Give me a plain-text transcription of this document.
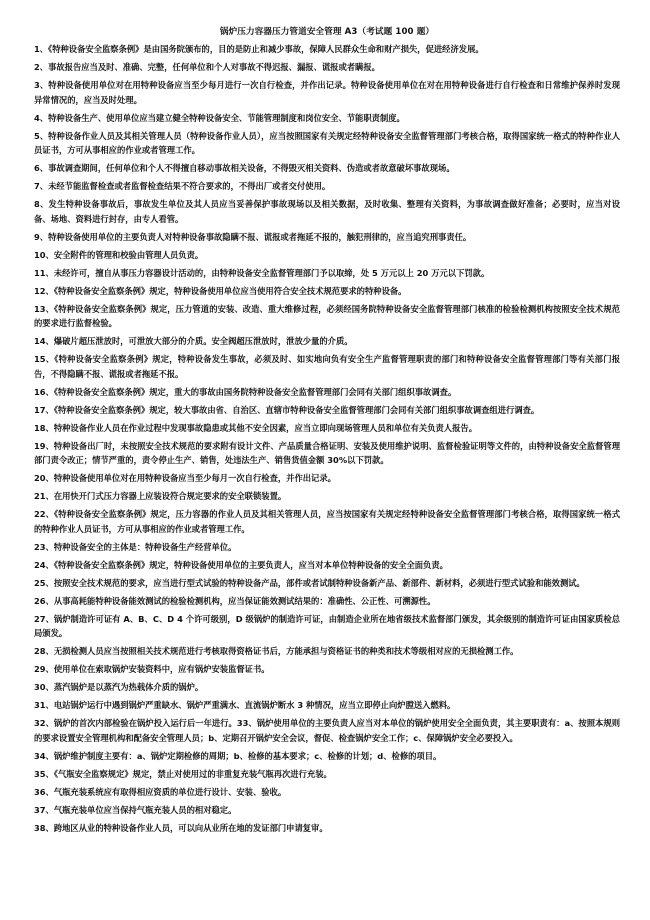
锅炉压力容器压力管道安全管理 A3（考试题 100 题）

1、《特种设备安全监察条例》是由国务院颁布的，目的是防止和减少事故，保障人民群众生命和财产损失，促进经济发展。

2、事故报告应当及时、准确、完整，任何单位和个人对事故不得迟报、漏报、谎报或者瞒报。

3、特种设备使用单位对在用特种设备应当至少每月进行一次自行检查，并作出记录。特种设备使用单位在对在用特种设备进行自行检查和日常维护保养时发现异常情况的，应当及时处理。

4、特种设备生产、使用单位应当建立健全特种设备安全、节能管理制度和岗位安全、节能职责制度。

5、特种设备作业人员及其相关管理人员（特种设备作业人员），应当按照国家有关规定经特种设备安全监督管理部门考核合格，取得国家统一格式的特种作业人员证书，方可从事相应的作业或者管理工作。

6、事故调查期间，任何单位和个人不得擅自移动事故相关设备，不得毁灭相关资料、伪造或者故意破坏事故现场。

7、未经节能监督检查或者监督检查结果不符合要求的，不得出厂或者交付使用。

8、发生特种设备事故后，事故发生单位及其人员应当妥善保护事故现场以及相关数据，及时收集、整理有关资料，为事故调查做好准备；必要时，应当对设备、场地、资料进行封存，由专人看管。

9、特种设备使用单位的主要负责人对特种设备事故隐瞒不报、谎报或者拖延不报的，触犯刑律的，应当追究刑事责任。

10、安全附件的管理和校验由管理人员负责。

11、未经许可，擅自从事压力容器设计活动的，由特种设备安全监督管理部门予以取缔，处 5 万元以上 20 万元以下罚款。

12、《特种设备安全监察条例》规定，特种设备使用单位应当使用符合安全技术规范要求的特种设备。

13、《特种设备安全监察条例》规定，压力管道的安装、改造、重大维修过程，必须经国务院特种设备安全监督管理部门核准的检验检测机构按照安全技术规范的要求进行监督检验。

14、爆破片超压泄放时，可泄放大部分的介质。安全阀超压泄放时，泄放少量的介质。

15、《特种设备安全监察条例》规定，特种设备发生事故，必须及时、如实地向负有安全生产监督管理职责的部门和特种设备安全监督管理部门等有关部门报告，不得隐瞒不报、谎报或者拖延不报。

16、《特种设备安全监察条例》规定，重大的事故由国务院特种设备安全监督管理部门会同有关部门组织事故调查。

17、《特种设备安全监察条例》规定，较大事故由省、自治区、直辖市特种设备安全监督管理部门会同有关部门组织事故调查组进行调查。

18、特种设备作业人员在作业过程中发现事故隐患或其他不安全因素，应当立即向现场管理人员和单位有关负责人报告。

19、特种设备出厂时，未按照安全技术规范的要求附有设计文件、产品质量合格证明、安装及使用维护说明、监督检验证明等文件的，由特种设备安全监督管理部门责令改正；情节严重的，责令停止生产、销售，处违法生产、销售货值金额 30%以下罚款。

20、特种设备使用单位对在用特种设备应当至少每月一次自行检查，并作出记录。

21、在用快开门式压力容器上应装设符合规定要求的安全联锁装置。

22、《特种设备安全监察条例》规定，压力容器的作业人员及其相关管理人员，应当按国家有关规定经特种设备安全监督管理部门考核合格，取得国家统一格式的特种作业人员证书，方可从事相应的作业或者管理工作。

23、特种设备安全的主体是：特种设备生产经营单位。

24、《特种设备安全监察条例》规定，特种设备使用单位的主要负责人，应当对本单位特种设备的安全全面负责。

25、按照安全技术规范的要求，应当进行型式试验的特种设备产品，部件或者试制特种设备新产品、新部件、新材料，必须进行型式试验和能效测试。

26、从事高耗能特种设备能效测试的检验检测机构，应当保证能效测试结果的：准确性、公正性、可溯源性。

27、锅炉制造许可证有 A、B、C、D 4 个许可级别，D 级锅炉的制造许可证，由制造企业所在地省级技术监督部门颁发，其余级别的制造许可证由国家质检总局颁发。

28、无损检测人员应当按照相关技术规范进行考核取得资格证书后，方能承担与资格证书的种类和技术等级相对应的无损检测工作。

29、使用单位在索取锅炉安装资料中，应有锅炉安装监督证书。

30、蒸汽锅炉是以蒸汽为热载体介质的锅炉。

31、电站锅炉运行中遇到锅炉严重缺水、锅炉严重满水、直流锅炉断水 3 种情况，应当立即停止向炉膛送入燃料。

32、锅炉的首次内部检验在锅炉投入运行后一年进行。33、锅炉使用单位的主要负责人应当对本单位的锅炉使用安全全面负责，其主要职责有：a、按照本规则的要求设置安全管理机构和配备安全管理人员；b、定期召开锅炉安全会议，督促、检查锅炉安全工作；c、保障锅炉安全必要投入。

34、锅炉维护制度主要有：a、锅炉定期检修的周期；b、检修的基本要求；c、检修的计划；d、检修的项目。

35、《气瓶安全监察规定》规定，禁止对使用过的非重复充装气瓶再次进行充装。

36、气瓶充装系统应有取得相应资质的单位进行设计、安装、验收。

37、气瓶充装单位应当保持气瓶充装人员的相对稳定。

38、跨地区从业的特种设备作业人员，可以向从业所在地的发证部门申请复审。
